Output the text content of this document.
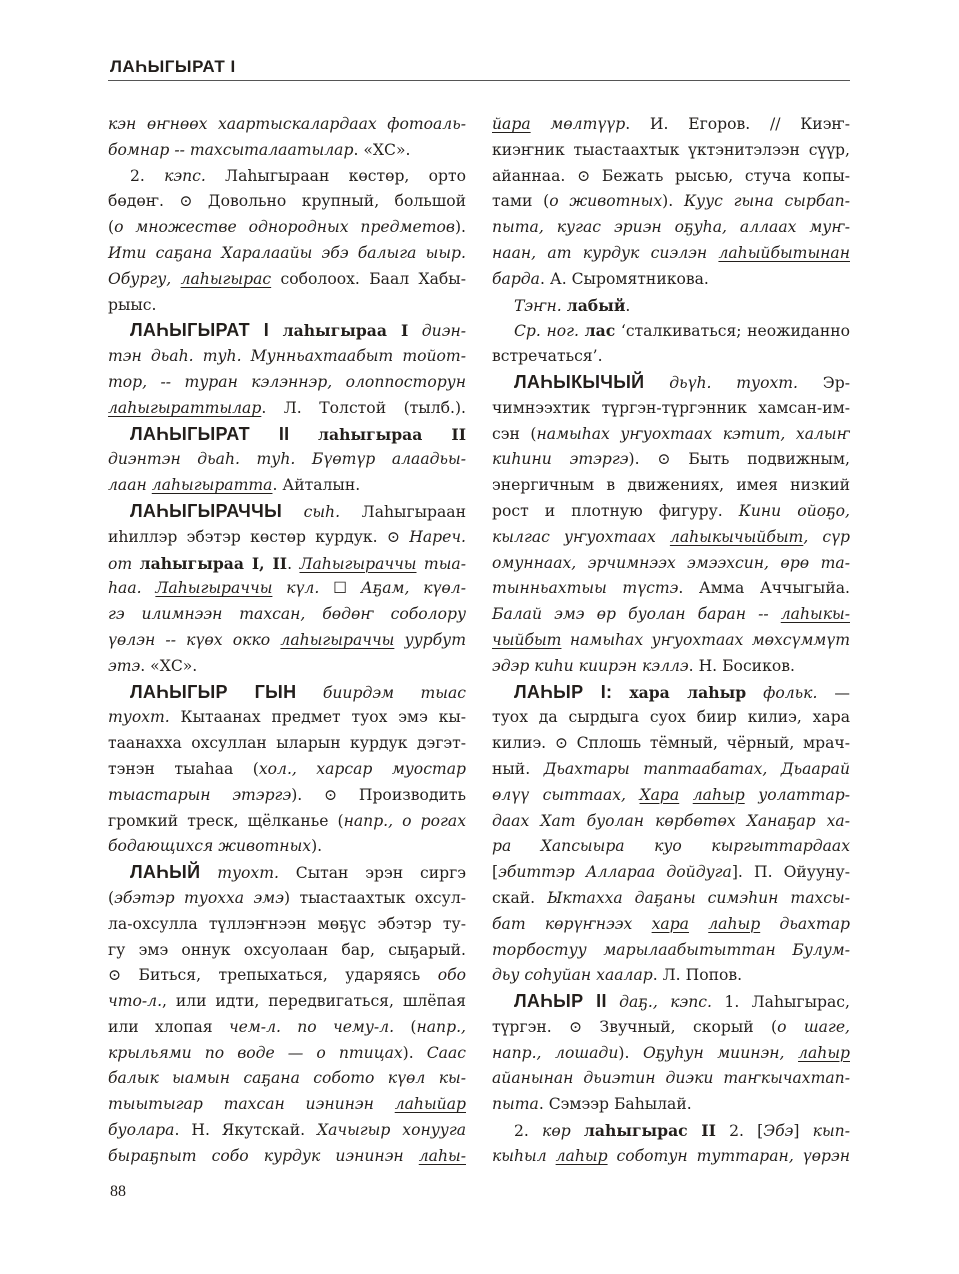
ЛАҺЫГЫРАТ I
кэн өҥнөөх хаартыскалардаах фотоаль-
бомнар -- тахсыталаатылар. «ХС».
2. кэпс. Лаһыгыраан көстөр, орто
бөдөҥ. ⊙ Довольно крупный, большой
(о множестве однородных предметов).
Ити саҕана Харалаайы эбэ балыга ыыр.
Обургу, лаһыгырас соболоох. Баал Хабы-
рыыс.
ЛАҺЫГЫРАТ I лаһыгыраа I диэн-
тэн дьаһ. туһ. Мунньахтаабыт тойот-
тор, -- туран кэлэннэр, олоппосторун
лаһыгыраттылар. Л. Толстой (тылб.).
ЛАҺЫГЫРАТ II лаһыгыраа II
диэнтэн дьаһ. туһ. Бүөтүр алаадьы-
лаан лаһыгыратта. Айталын.
ЛАҺЫГЫРАЧЧЫ сыһ. Лаһыгыраан
иһиллэр эбэтэр көстөр курдук. ⊙ Нареч.
от лаһыгыраа I, II. Лаһыгыраччы тыа-
һаа. Лаһыгыраччы күл. ☐ Аҕам, күөл-
гэ илимнээн тахсан, бөдөҥ соболору
үөлэн -- күөх окко лаһыгыраччы уурбут
этэ. «ХС».
ЛАҺЫГЫР ГЫН биирдэм тыас
туохт. Кытаанах предмет туох эмэ кы-
таанахха охсуллан ыларын курдук дэгэт-
тэнэн тыаһаа (хол., харсар муостар
тыастарын этэргэ). ⊙ Производить
громкий треск, щёлканье (напр., о рогах
бодающихся животных).
ЛАҺЫЙ туохт. Сытан эрэн сиргэ
(эбэтэр туохха эмэ) тыастаахтык охсул-
ла-охсулла түллэҥнээн мөҕүс эбэтэр ту-
гу эмэ оннук охсуолаан бар, сыҕарый.
⊙ Биться, трепыхаться, ударяясь обо
что-л., или идти, передвигаться, шлёпая
или хлопая чем-л. по чему-л. (напр.,
крыльями по воде — о птицах). Саас
балык ыамын саҕана собото күөл кы-
тыытыгар тахсан иэнинэн лаһыйар
буолара. Н. Якутскай. Хачыгыр хонууга
быраҕпыт собо курдук иэнинэн лаһы-
йара мөлтүүр. И. Егоров. // Киэҥ-
киэҥник тыастаахтык үктэнитэлээн сүүр,
айаннаа. ⊙ Бежать рысью, стуча копы-
тами (о животных). Куус гына сырбап-
пыта, кугас эриэн оҕуһа, аллаах муҥ-
наан, ат курдук сиэлэн лаһыйбытынан
барда. А. Сыромятникова.
Тэҥн. лабый.
Ср. ног. лас ‘сталкиваться; неожиданно
встречаться’.
ЛАҺЫКЫЧЫЙ дьүһ. туохт. Эр-
чимнээхтик түргэн-түргэнник хамсан-им-
сэн (намыһах уҥуохтаах кэтит, халыҥ
киһини этэргэ). ⊙ Быть подвижным,
энергичным в движениях, имея низкий
рост и плотную фигуру. Кини ойоҕо,
кылгас уҥуохтаах лаһыкычыйбыт, сүр
омуннаах, эрчимнээх эмээхсин, өрө та-
тынньахтыы түстэ. Амма Аччыгыйа.
Балай эмэ өр буолан баран -- лаһыкы-
чыйбыт намыһах уҥуохтаах мөхсүммүт
эдэр киһи киирэн кэллэ. Н. Босиков.
ЛАҺЫР I: хара лаһыр фольк. —
туох да сырдыга суох биир килиэ, хара
килиэ. ⊙ Сплошь тёмный, чёрный, мрач-
ный. Дьахтары таптаабатах, Дьаарай
өлүү сыттаах, Хара лаһыр уолаттар-
даах Хат буолан көрбөтөх Ханаҕар ха-
ра Хапсыыра куо кыргыттардаах
[эбиттэр Аллараа дойдуга]. П. Ойууну-
скай. Ыктахха даҕаны симэһин тахсы-
бат көрүҥнээх хара лаһыр дьахтар
торбостуу марылаабытыттан Булум-
дьу соһуйан хаалар. Л. Попов.
ЛАҺЫР II даҕ., кэпс. 1. Лаһыгырас,
түргэн. ⊙ Звучный, скорый (о шаге,
напр., лошади). Оҕуһун миинэн, лаһыр
айанынан дьиэтин диэки таҥкычахтап-
пыта. Сэмээр Баһылай.
2. көр лаһыгырас II 2. [Эбэ] кып-
кыһыл лаһыр соботун туттаран, үөрэн
88
